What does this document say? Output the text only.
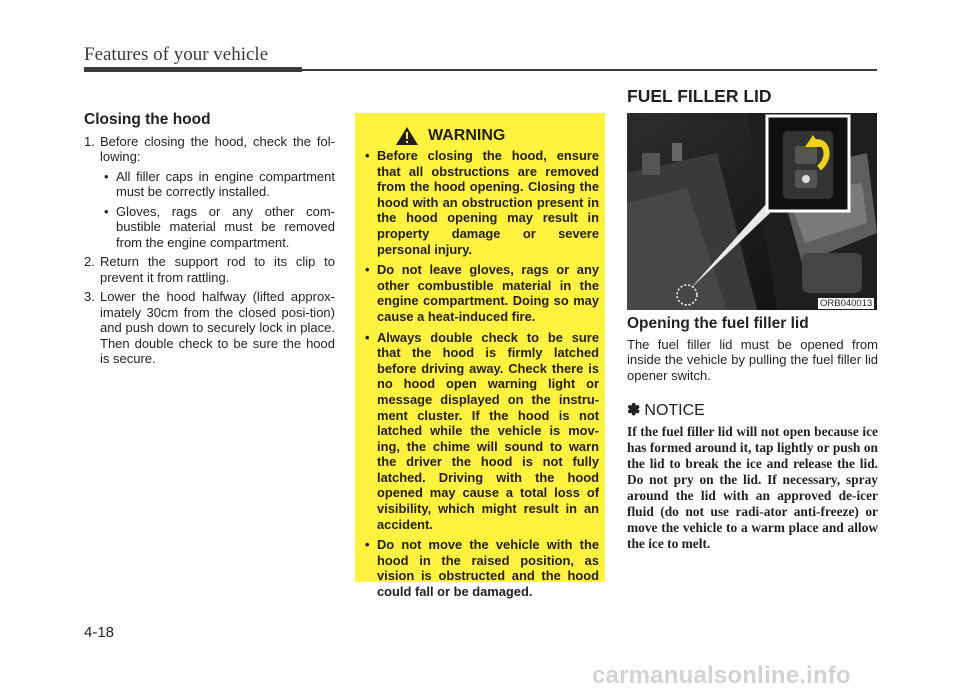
Features of your vehicle
Closing the hood
1. Before closing the hood, check the fol-lowing:
• All filler caps in engine compartment must be correctly installed.
• Gloves, rags or any other com-bustible material must be removed from the engine compartment.
2. Return the support rod to its clip to prevent it from rattling.
3. Lower the hood halfway (lifted approx-imately 30cm from the closed posi-tion) and push down to securely lock in place. Then double check to be sure the hood is secure.
WARNING
• Before closing the hood, ensure that all obstructions are removed from the hood opening. Closing the hood with an obstruction present in the hood opening may result in property damage or severe personal injury.
• Do not leave gloves, rags or any other combustible material in the engine compartment. Doing so may cause a heat-induced fire.
• Always double check to be sure that the hood is firmly latched before driving away. Check there is no hood open warning light or message displayed on the instru-ment cluster. If the hood is not latched while the vehicle is mov-ing, the chime will sound to warn the driver the hood is not fully latched. Driving with the hood opened may cause a total loss of visibility, which might result in an accident.
• Do not move the vehicle with the hood in the raised position, as vision is obstructed and the hood could fall or be damaged.
FUEL FILLER LID
ORB040013
Opening the fuel filler lid
The fuel filler lid must be opened from inside the vehicle by pulling the fuel filler lid opener switch.
✽ NOTICE
If the fuel filler lid will not open because ice has formed around it, tap lightly or push on the lid to break the ice and release the lid. Do not pry on the lid. If necessary, spray around the lid with an approved de-icer fluid (do not use radi-ator anti-freeze) or move the vehicle to a warm place and allow the ice to melt.
4-18
carmanualsonline.info
